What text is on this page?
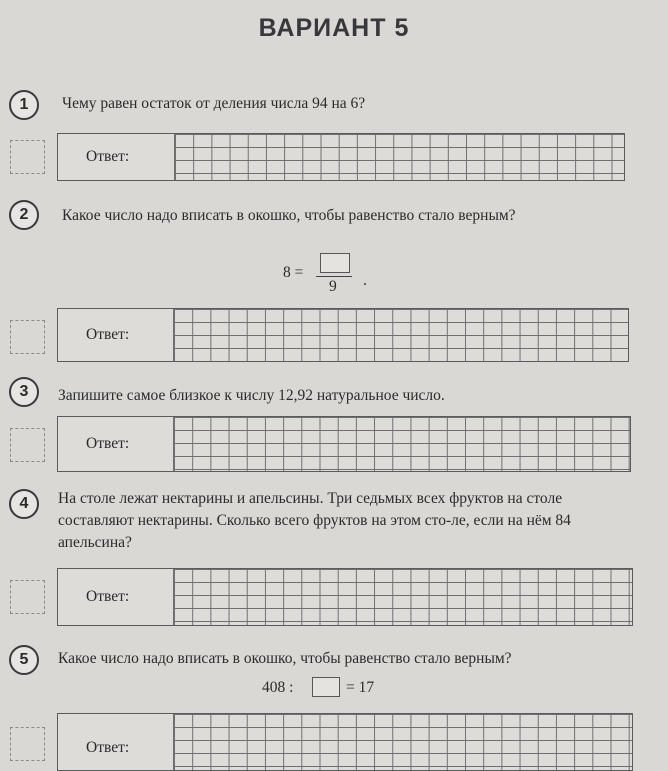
ВАРИАНТ 5
1	Чему равен остаток от деления числа 94 на 6?
Ответ:
2	Какое число надо вписать в окошко, чтобы равенство стало верным?
8 =
9 .
Ответ:
3	Запишите самое близкое к числу 12,92 натуральное число.
Ответ:
4	На столе лежат нектарины и апельсины. Три седьмых всех фруктов на столе составляют нектарины. Сколько всего фруктов на этом сто-ле, если на нём 84 апельсина?
Ответ:
5	Какое число надо вписать в окошко, чтобы равенство стало верным?
408 :	= 17
Ответ:
